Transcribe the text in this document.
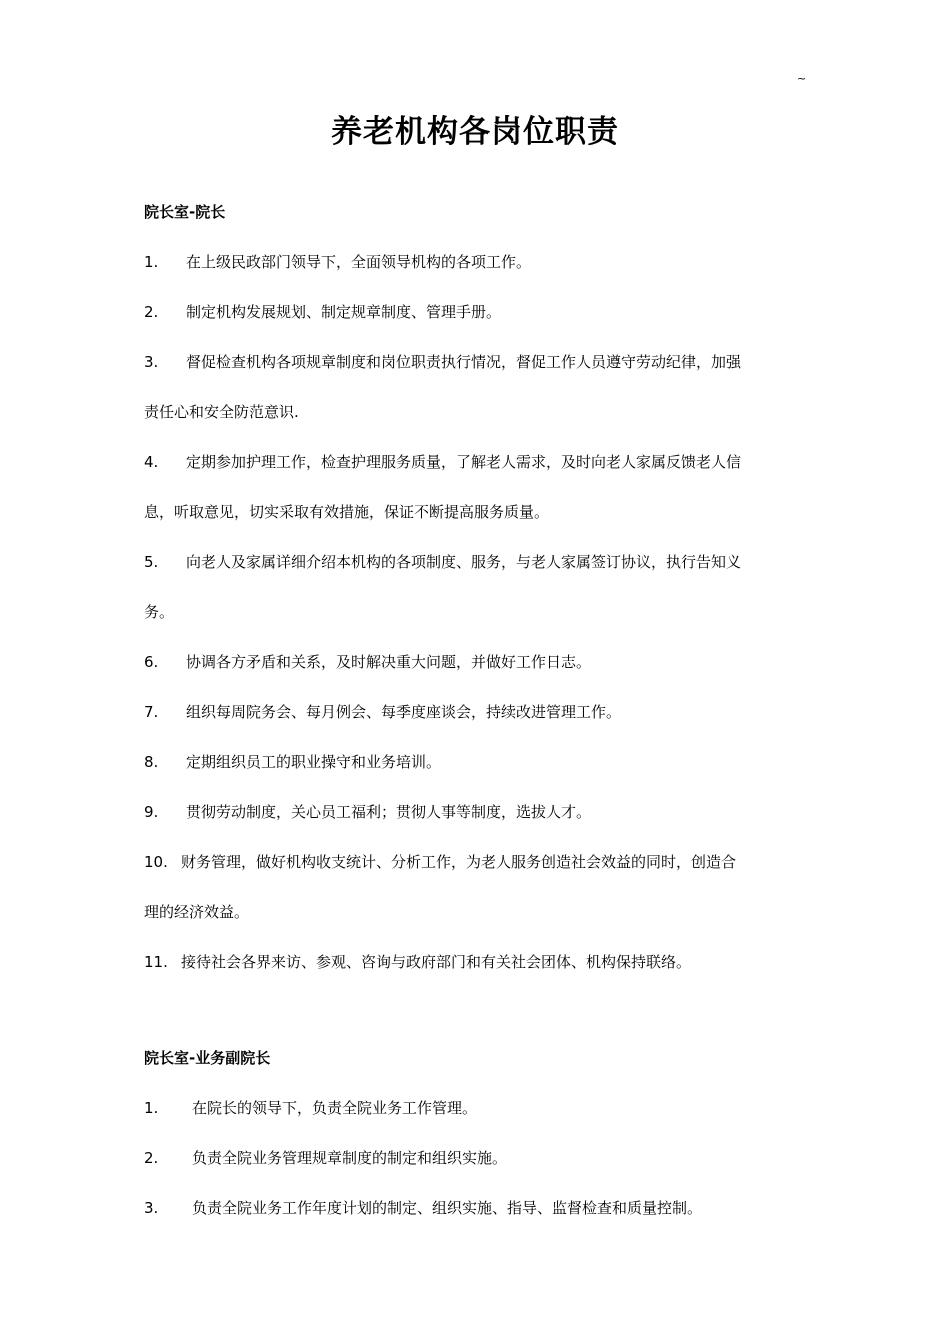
~
养老机构各岗位职责
院长室-院长
1.	在上级民政部门领导下，全面领导机构的各项工作。
2.	制定机构发展规划、制定规章制度、管理手册。
3.	督促检查机构各项规章制度和岗位职责执行情况，督促工作人员遵守劳动纪律，加强
责任心和安全防范意识.
4.	定期参加护理工作，检查护理服务质量，了解老人需求，及时向老人家属反馈老人信
息，听取意见，切实采取有效措施，保证不断提高服务质量。
5.	向老人及家属详细介绍本机构的各项制度、服务，与老人家属签订协议，执行告知义
务。
6.	协调各方矛盾和关系，及时解决重大问题，并做好工作日志。
7.	组织每周院务会、每月例会、每季度座谈会，持续改进管理工作。
8.	定期组织员工的职业操守和业务培训。
9.	贯彻劳动制度，关心员工福利；贯彻人事等制度，选拔人才。
10. 财务管理，做好机构收支统计、分析工作，为老人服务创造社会效益的同时，创造合
理的经济效益。
11. 接待社会各界来访、参观、咨询与政府部门和有关社会团体、机构保持联络。
院长室-业务副院长
1.	在院长的领导下，负责全院业务工作管理。
2.	负责全院业务管理规章制度的制定和组织实施。
3.	负责全院业务工作年度计划的制定、组织实施、指导、监督检查和质量控制。
